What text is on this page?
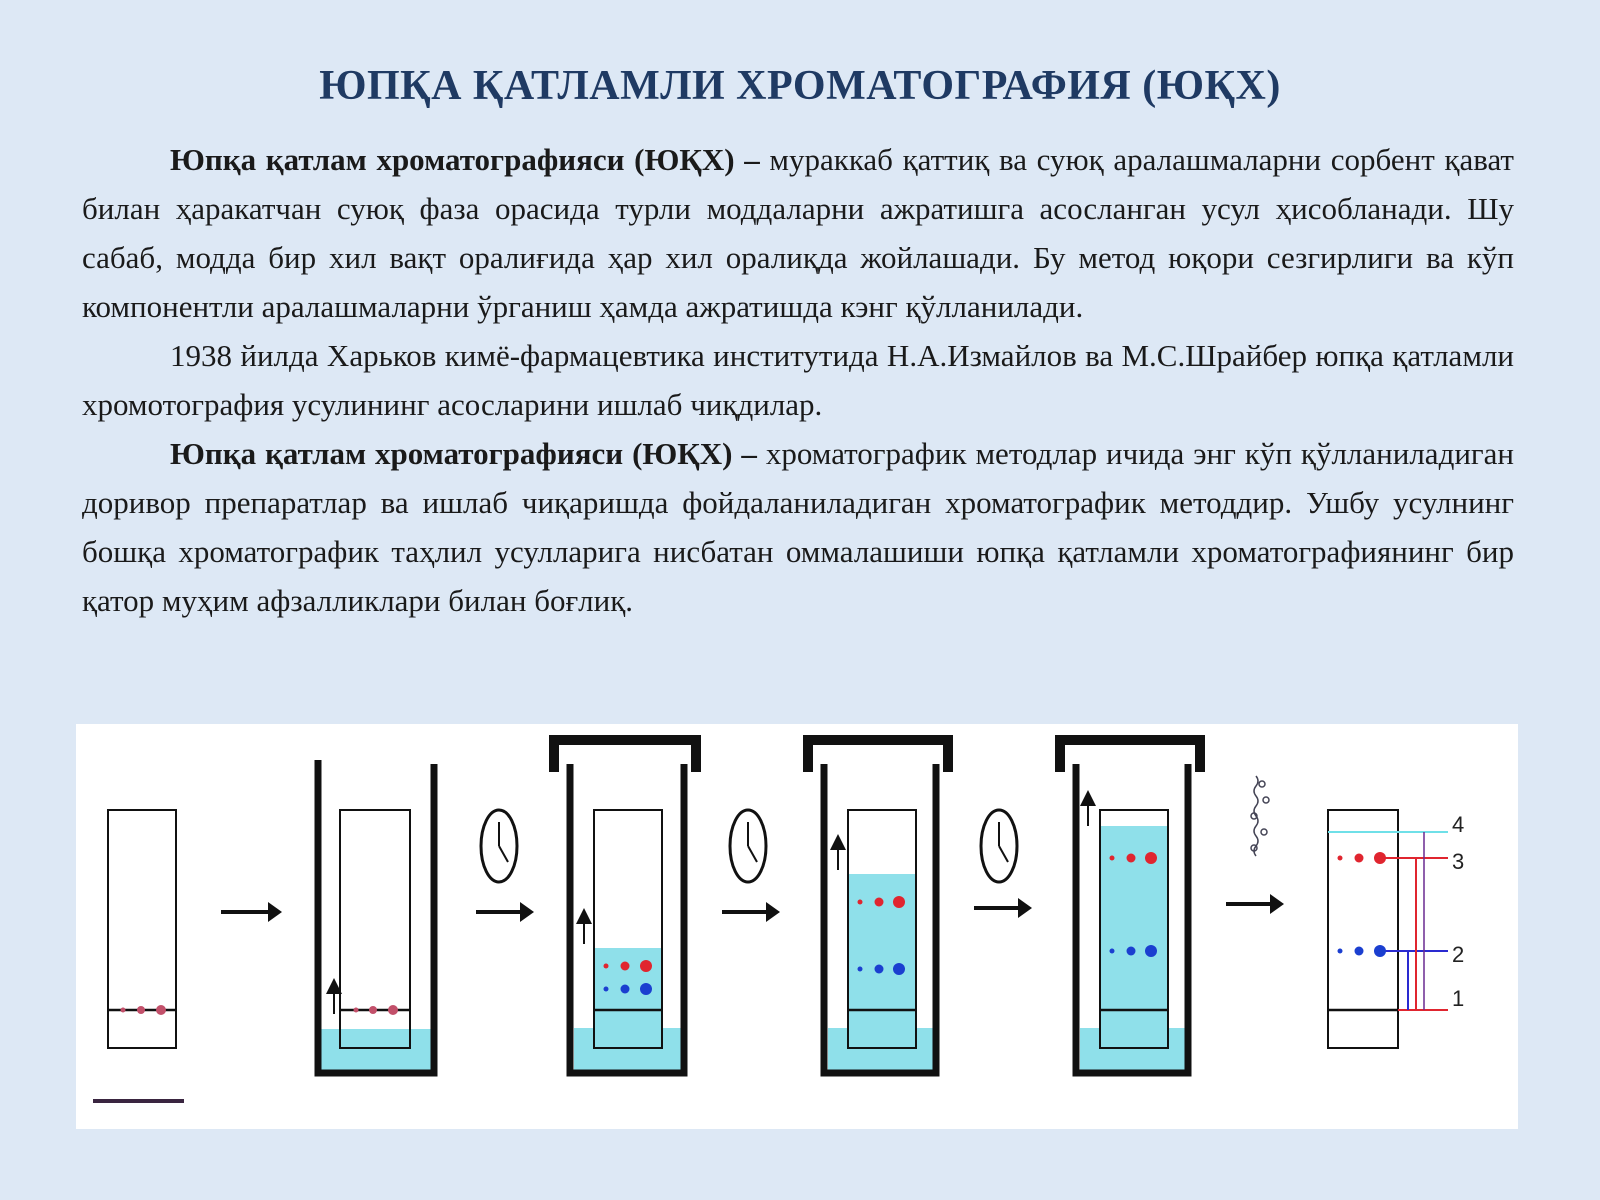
ЮПҚА ҚАТЛАМЛИ ХРОМАТОГРАФИЯ (ЮҚХ)

Юпқа қатлам хроматографияси (ЮҚХ) – мураккаб қаттиқ ва суюқ аралашмаларни сорбент қават билан ҳаракатчан суюқ фаза орасида турли моддаларни ажратишга асосланган усул ҳисобланади. Шу сабаб, модда бир хил вақт оралиғида ҳар хил оралиқда жойлашади. Бу метод юқори сезгирлиги ва кўп компонентли аралашмаларни ўрганиш ҳамда ажратишда кэнг қўлланилади.

1938 йилда Харьков кимё-фармацевтика институтида Н.А.Измайлов ва М.С.Шрайбер юпқа қатламли хромотография усулининг асосларини ишлаб чиқдилар.

Юпқа қатлам хроматографияси (ЮҚХ) – хроматографик методлар ичида энг кўп қўлланиладиган доривор препаратлар ва ишлаб чиқаришда фойдаланиладиган хроматографик методдир. Ушбу усулнинг бошқа хроматографик таҳлил усулларига нисбатан оммалашиши юпқа қатламли хроматографиянинг бир қатор муҳим афзалликлари билан боғлиқ.

4
3
2
1
